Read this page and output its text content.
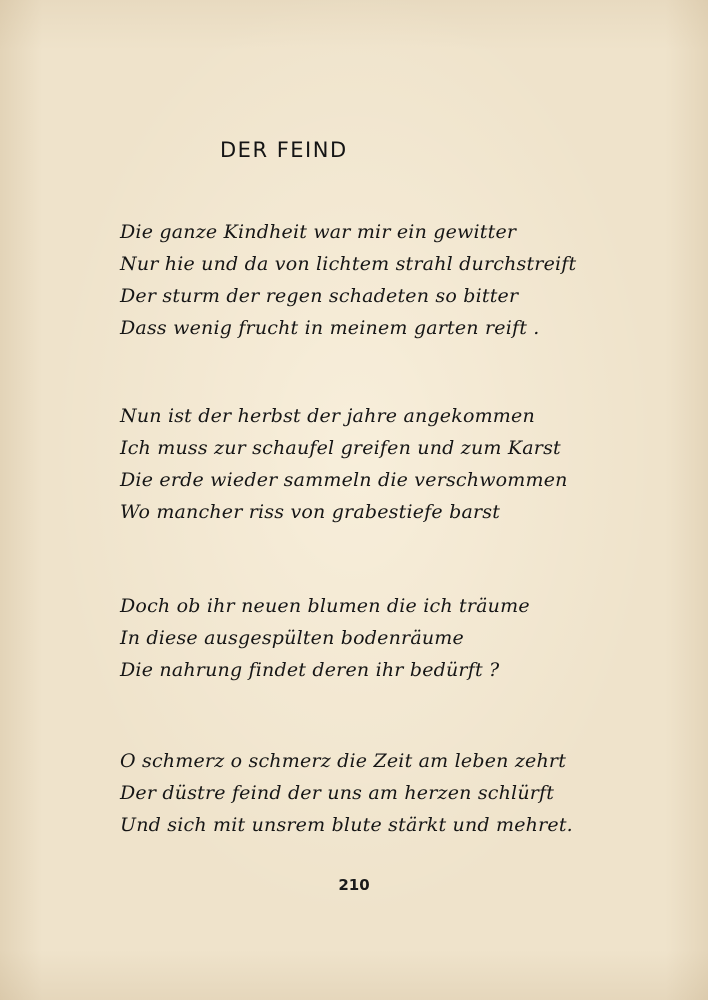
DER FEIND
Die ganze Kindheit war mir ein gewitter
Nur hie und da von lichtem strahl durchstreift
Der sturm der regen schadeten so bitter
Dass wenig frucht in meinem garten reift .
Nun ist der herbst der jahre angekommen
Ich muss zur schaufel greifen und zum Karst
Die erde wieder sammeln die verschwommen
Wo mancher riss von grabestiefe barst
Doch ob ihr neuen blumen die ich träume
In diese ausgespülten bodenräume
Die nahrung findet deren ihr bedürft ?
O schmerz o schmerz die Zeit am leben zehrt
Der düstre feind der uns am herzen schlürft
Und sich mit unsrem blute stärkt und mehret.
210
